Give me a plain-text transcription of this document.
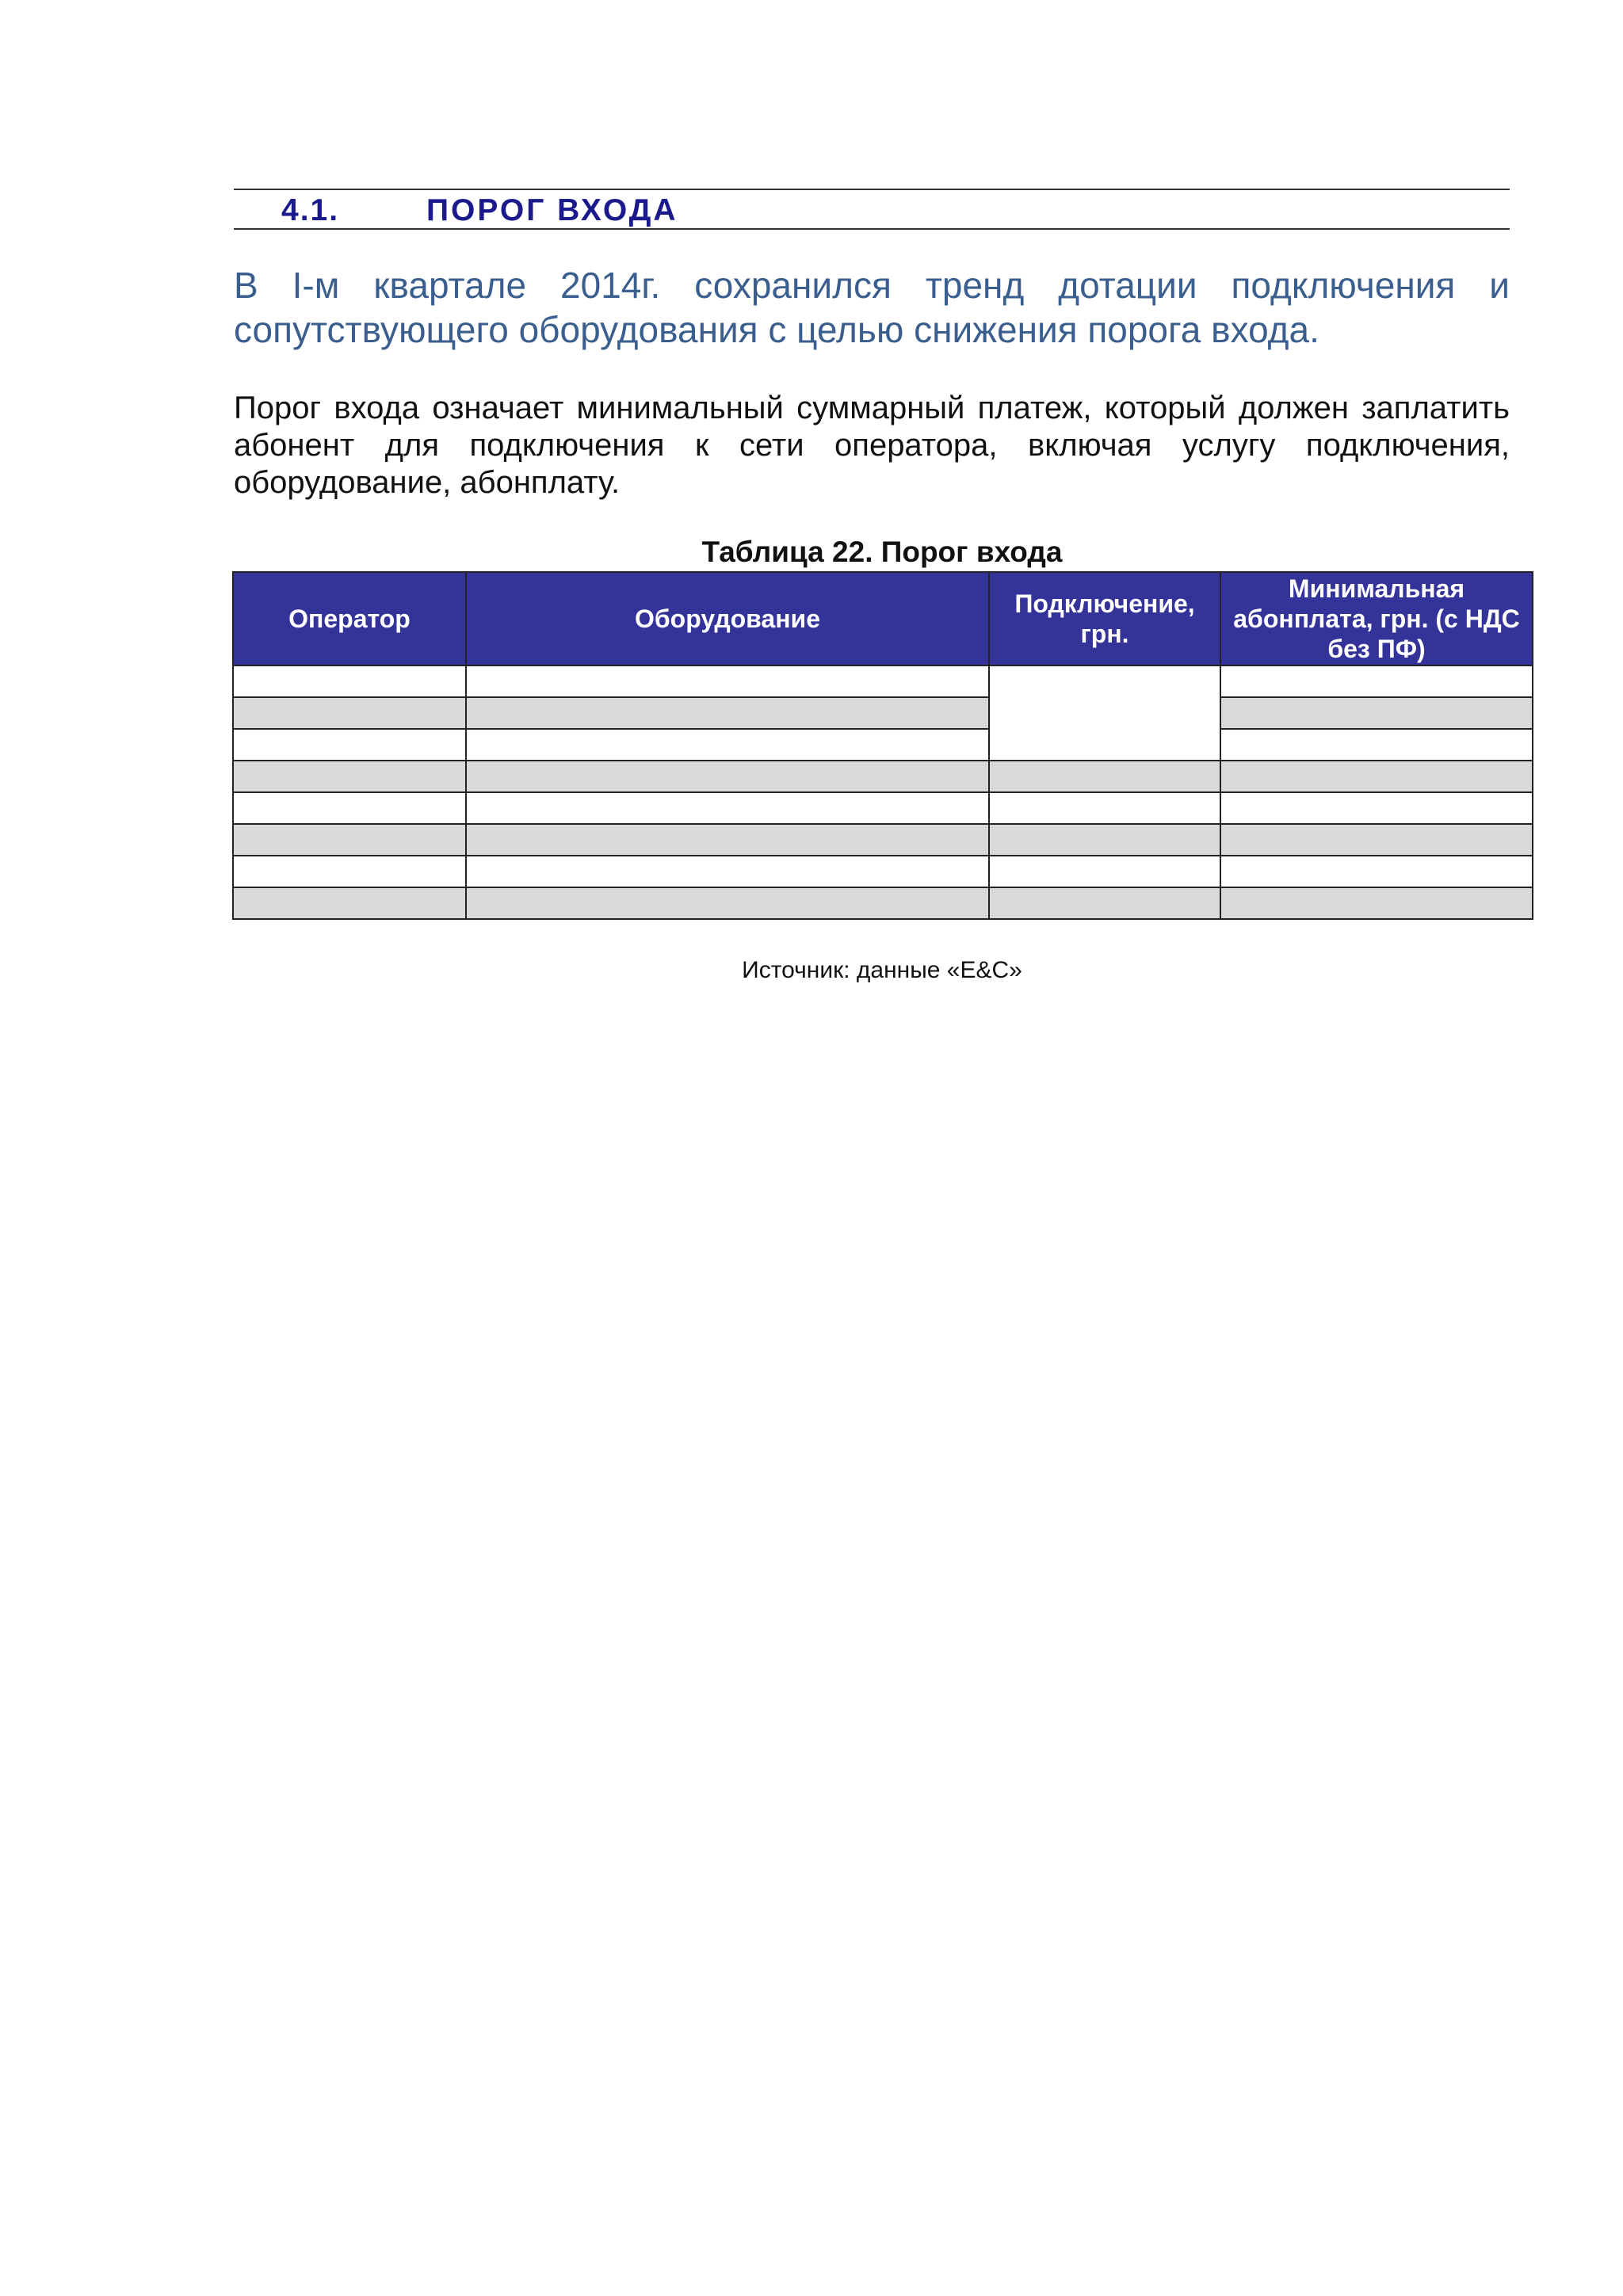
4.1.	ПОРОГ ВХОДА

В I-м квартале 2014г. сохранился тренд дотации подключения и сопутствующего оборудования с целью снижения порога входа.

Порог входа означает минимальный суммарный платеж, который должен заплатить абонент для подключения к сети оператора, включая услугу подключения, оборудование, абонплату.

Таблица 22. Порог входа
Оператор	Оборудование	Подключение, грн.	Минимальная абонплата, грн. (с НДС без ПФ)

Источник: данные «E&C»
